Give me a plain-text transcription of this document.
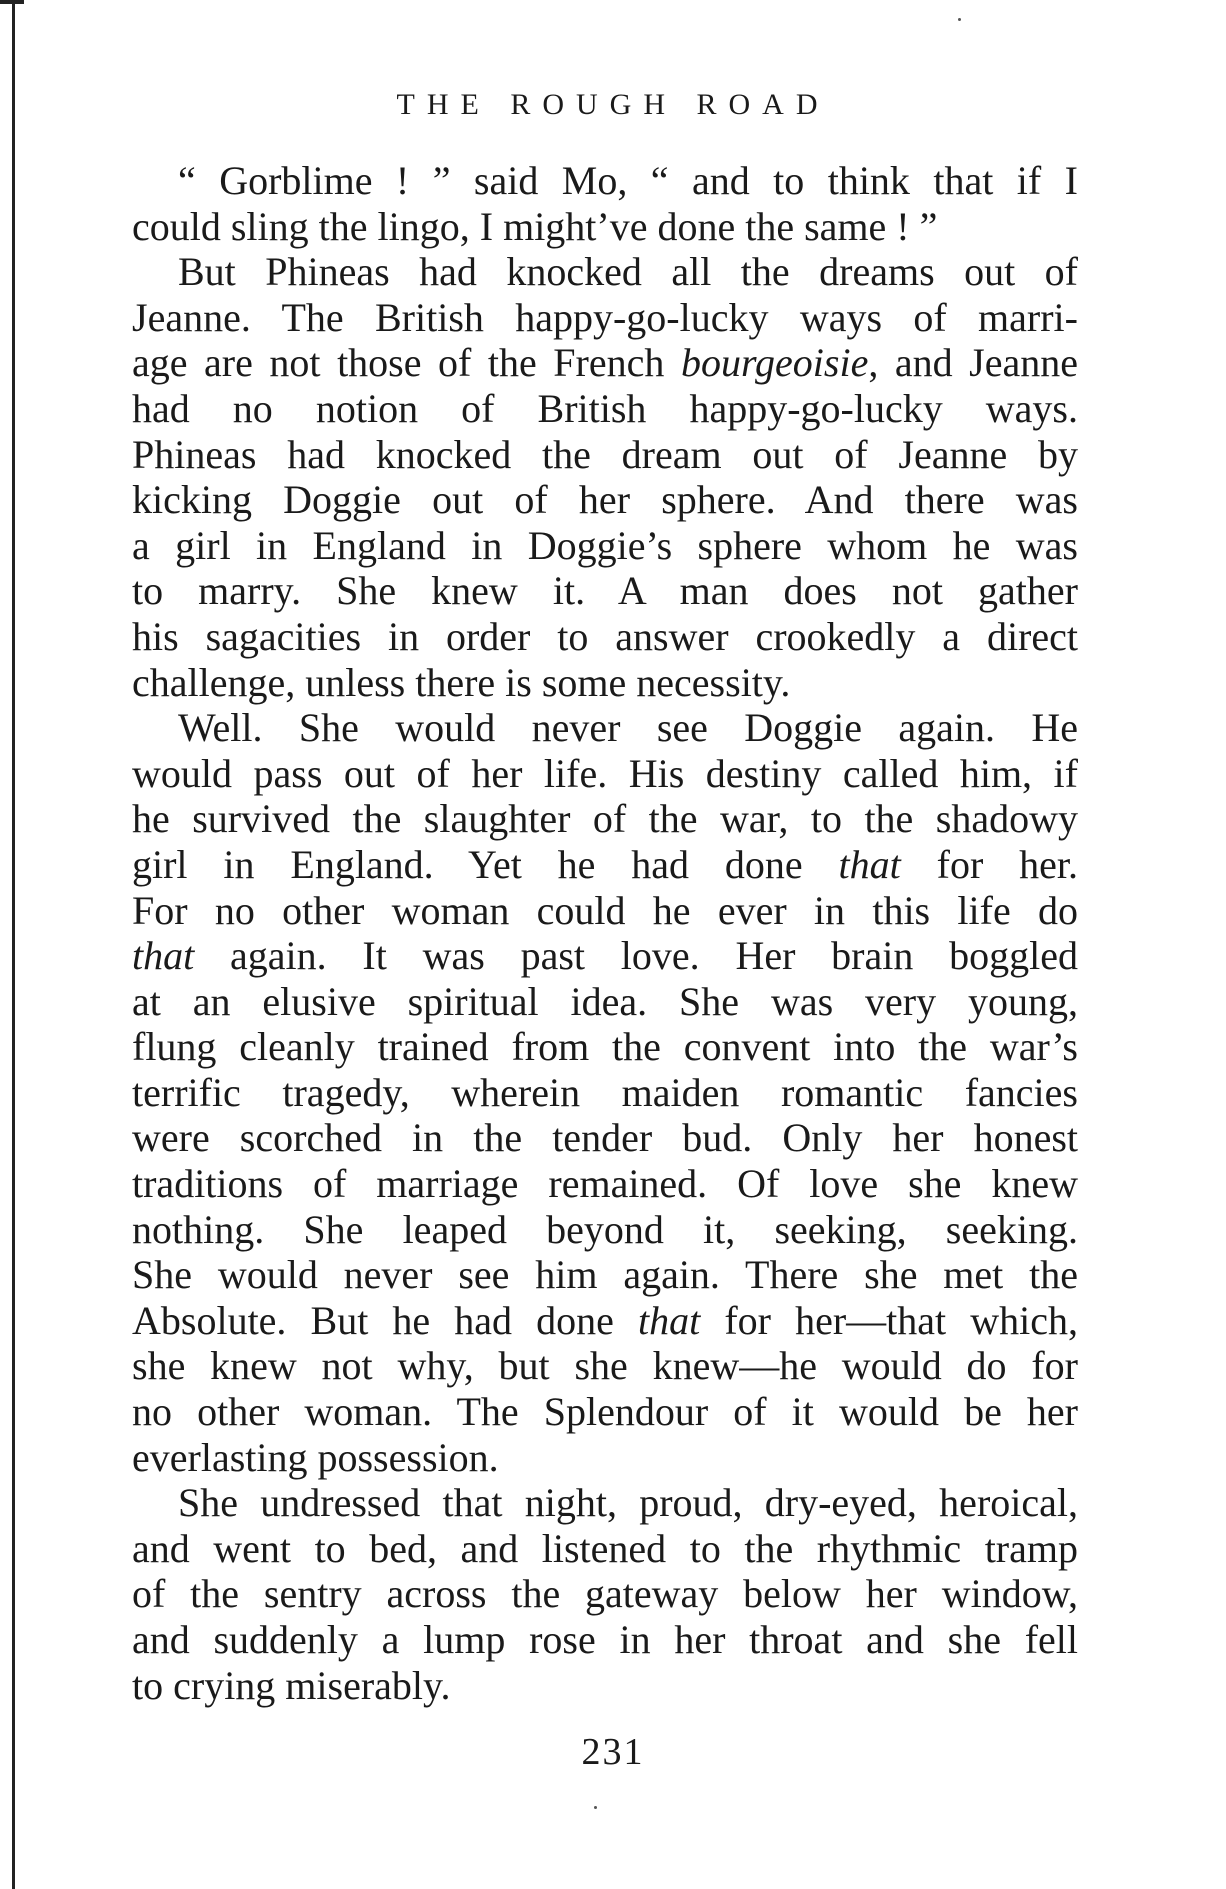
THE ROUGH ROAD
“ Gorblime ! ” said Mo, “ and to think that if I
could sling the lingo, I might’ve done the same ! ”
But Phineas had knocked all the dreams out of
Jeanne. The British happy-go-lucky ways of marri-
age are not those of the French bourgeoisie, and Jeanne
had no notion of British happy-go-lucky ways.
Phineas had knocked the dream out of Jeanne by
kicking Doggie out of her sphere. And there was
a girl in England in Doggie’s sphere whom he was
to marry. She knew it. A man does not gather
his sagacities in order to answer crookedly a direct
challenge, unless there is some necessity.
Well. She would never see Doggie again. He
would pass out of her life. His destiny called him, if
he survived the slaughter of the war, to the shadowy
girl in England. Yet he had done that for her.
For no other woman could he ever in this life do
that again. It was past love. Her brain boggled
at an elusive spiritual idea. She was very young,
flung cleanly trained from the convent into the war’s
terrific tragedy, wherein maiden romantic fancies
were scorched in the tender bud. Only her honest
traditions of marriage remained. Of love she knew
nothing. She leaped beyond it, seeking, seeking.
She would never see him again. There she met the
Absolute. But he had done that for her—that which,
she knew not why, but she knew—he would do for
no other woman. The Splendour of it would be her
everlasting possession.
She undressed that night, proud, dry-eyed, heroical,
and went to bed, and listened to the rhythmic tramp
of the sentry across the gateway below her window,
and suddenly a lump rose in her throat and she fell
to crying miserably.
231
